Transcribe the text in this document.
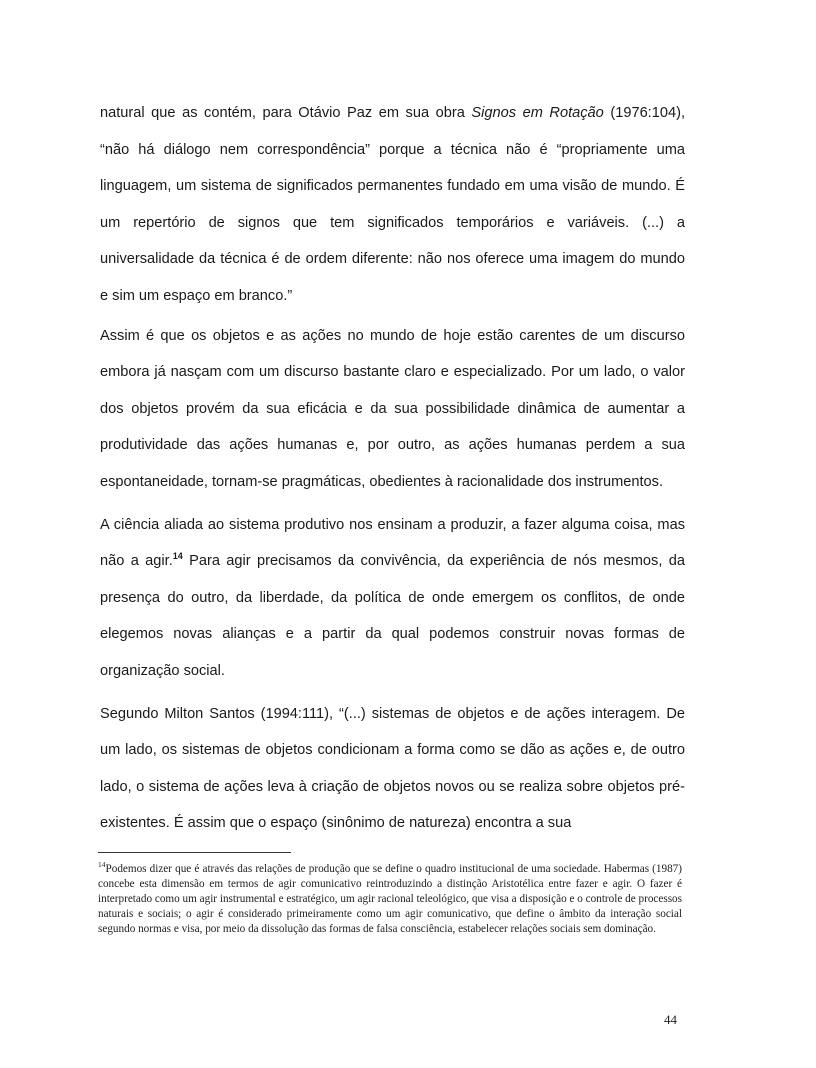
natural que as contém, para Otávio Paz em sua obra Signos em Rotação (1976:104), “não há diálogo nem correspondência” porque a técnica não é “propriamente uma linguagem, um sistema de significados permanentes fundado em uma visão de mundo. É um repertório de signos que tem significados temporários e variáveis. (...) a universalidade da técnica é de ordem diferente: não nos oferece uma imagem do mundo e sim um espaço em branco.”

Assim é que os objetos e as ações no mundo de hoje estão carentes de um discurso embora já nasçam com um discurso bastante claro e especializado. Por um lado, o valor dos objetos provém da sua eficácia e da sua possibilidade dinâmica de aumentar a produtividade das ações humanas e, por outro, as ações humanas perdem a sua espontaneidade, tornam-se pragmáticas, obedientes à racionalidade dos instrumentos.

A ciência aliada ao sistema produtivo nos ensinam a produzir, a fazer alguma coisa, mas não a agir.$^{14}$ Para agir precisamos da convivência, da experiência de nós mesmos, da presença do outro, da liberdade, da política de onde emergem os conflitos, de onde elegemos novas alianças e a partir da qual podemos construir novas formas de organização social.

Segundo Milton Santos (1994:111), “(...) sistemas de objetos e de ações interagem. De um lado, os sistemas de objetos condicionam a forma como se dão as ações e, de outro lado, o sistema de ações leva à criação de objetos novos ou se realiza sobre objetos pré-existentes. É assim que o espaço (sinônimo de natureza) encontra a sua

$^{14}$Podemos dizer que é através das relações de produção que se define o quadro institucional de uma sociedade. Habermas (1987) concebe esta dimensão em termos de agir comunicativo reintroduzindo a distinção Aristotélica entre fazer e agir. O fazer é interpretado como um agir instrumental e estratégico, um agir racional teleológico, que visa a disposição e o controle de processos naturais e sociais; o agir é considerado primeiramente como um agir comunicativo, que define o âmbito da interação social segundo normas e visa, por meio da dissolução das formas de falsa consciência, estabelecer relações sociais sem dominação.

44
